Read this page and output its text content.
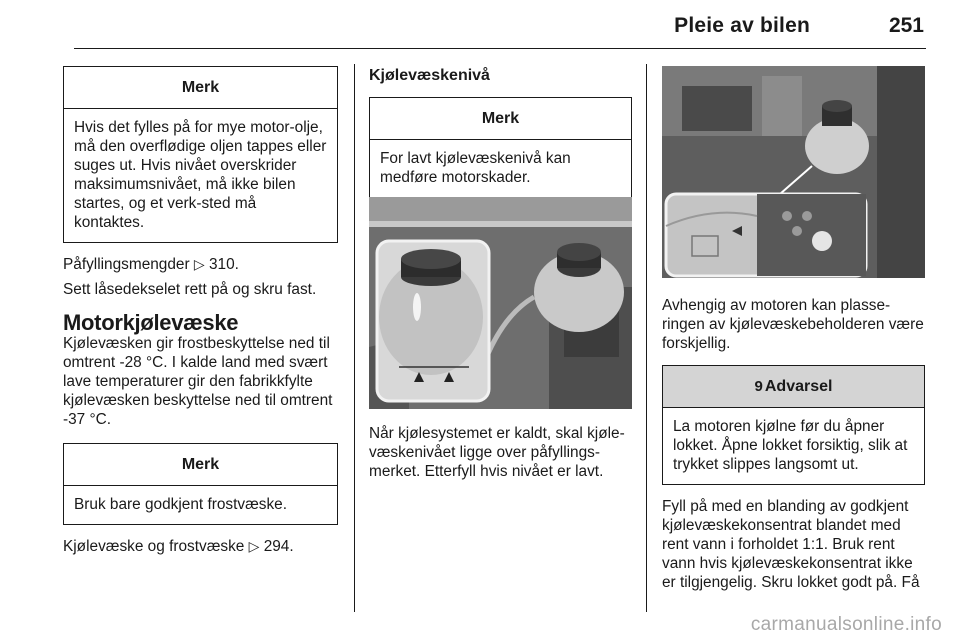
Pleie av bilen	251
Merk
Hvis det fylles på for mye motor-olje, må den overflødige oljen tappes eller suges ut. Hvis nivået overskrider maksimumsnivået, må ikke bilen startes, og et verk-sted må kontaktes.

Påfyllingsmengder ▷ 310.

Sett låsedekselet rett på og skru fast.

Motorkjølevæske

Kjølevæsken gir frostbeskyttelse ned til omtrent -28 °C. I kalde land med svært lave temperaturer gir den fabrikkfylte kjølevæsken beskyttelse ned til omtrent -37 °C.

Merk
Bruk bare godkjent frostvæske.

Kjølevæske og frostvæske ▷ 294.

Kjølevæskenivå
Merk
For lavt kjølevæskenivå kan medføre motorskader.

Når kjølesystemet er kaldt, skal kjøle-væskenivået ligge over påfyllings-merket. Etterfyll hvis nivået er lavt.

Avhengig av motoren kan plasse-ringen av kjølevæskebeholderen være forskjellig.

9 Advarsel
La motoren kjølne før du åpner lokket. Åpne lokket forsiktig, slik at trykket slippes langsomt ut.

Fyll på med en blanding av godkjent kjølevæskekonsentrat blandet med rent vann i forholdet 1:1. Bruk rent vann hvis kjølevæskekonsentrat ikke er tilgjengelig. Skru lokket godt på. Få

carmanualsonline.info
